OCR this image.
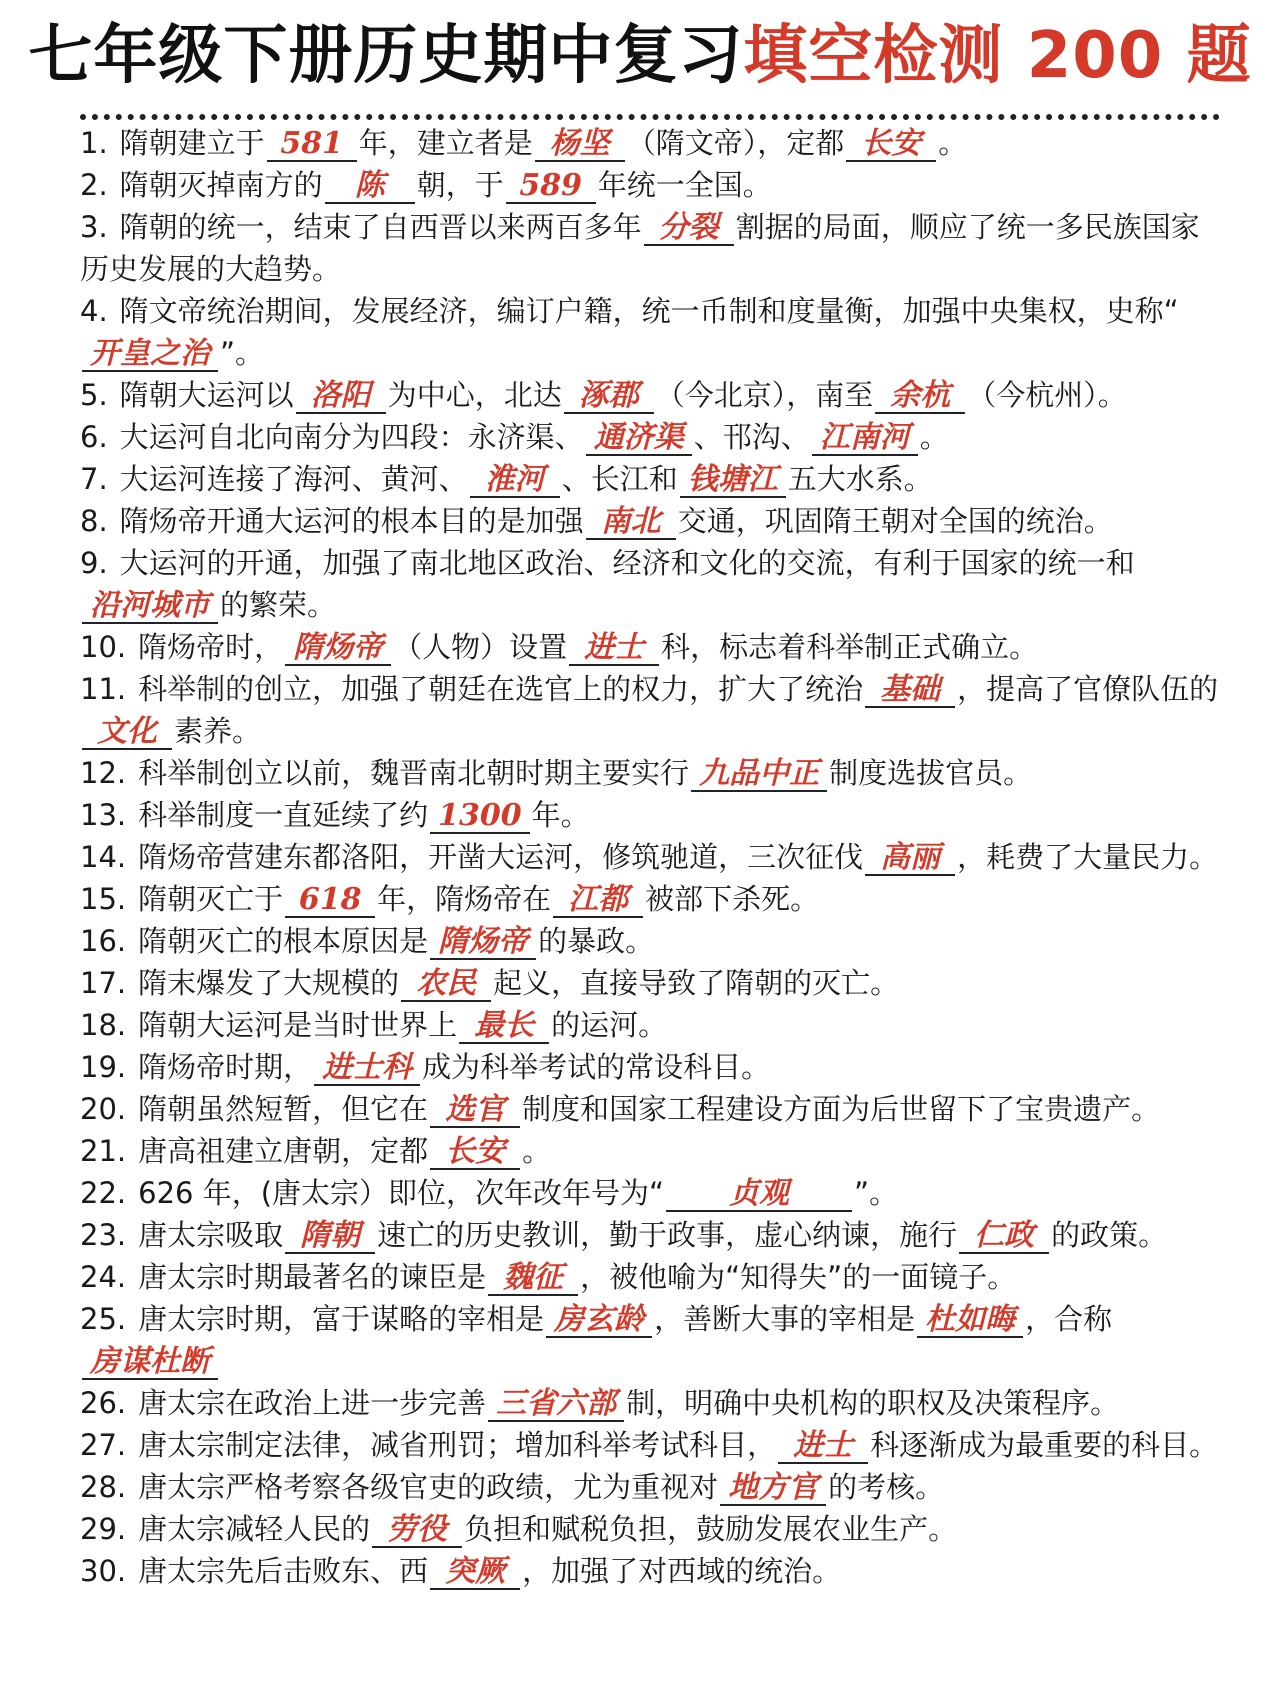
七年级下册历史期中复习填空检测 200 题
1. 隋朝建立于 581 年，建立者是 杨坚 （隋文帝），定都 长安 。
2. 隋朝灭掉南方的 陈 朝，于 589 年统一全国。
3. 隋朝的统一，结束了自西晋以来两百多年 分裂 割据的局面，顺应了统一多民族国家历史发展的大趋势。
4. 隋文帝统治期间，发展经济，编订户籍，统一币制和度量衡，加强中央集权，史称“开皇之治 ”。
5. 隋朝大运河以 洛阳 为中心，北达 涿郡 （今北京），南至 余杭 （今杭州）。
6. 大运河自北向南分为四段：永济渠、 通济渠 、邗沟、 江南河 。
7. 大运河连接了海河、黄河、 淮河 、长江和 钱塘江 五大水系。
8. 隋炀帝开通大运河的根本目的是加强 南北 交通，巩固隋王朝对全国的统治。
9. 大运河的开通，加强了南北地区政治、经济和文化的交流，有利于国家的统一和沿河城市 的繁荣。
10. 隋炀帝时， 隋炀帝 （人物）设置 进士 科，标志着科举制正式确立。
11. 科举制的创立，加强了朝廷在选官上的权力，扩大了统治 基础 ，提高了官僚队伍的文化 素养。
12. 科举制创立以前，魏晋南北朝时期主要实行 九品中正 制度选拔官员。
13. 科举制度一直延续了约 1300 年。
14. 隋炀帝营建东都洛阳，开凿大运河，修筑驰道，三次征伐 高丽 ，耗费了大量民力。
15. 隋朝灭亡于 618 年，隋炀帝在 江都 被部下杀死。
16. 隋朝灭亡的根本原因是 隋炀帝 的暴政。
17. 隋末爆发了大规模的 农民 起义，直接导致了隋朝的灭亡。
18. 隋朝大运河是当时世界上 最长 的运河。
19. 隋炀帝时期， 进士科 成为科举考试的常设科目。
20. 隋朝虽然短暂，但它在 选官 制度和国家工程建设方面为后世留下了宝贵遗产。
21. 唐高祖建立唐朝，定都 长安 。
22. 626 年，(唐太宗）即位，次年改年号为“ 贞观 ”。
23. 唐太宗吸取 隋朝 速亡的历史教训，勤于政事，虚心纳谏，施行 仁政 的政策。
24. 唐太宗时期最著名的谏臣是 魏征 ，被他喻为“知得失”的一面镜子。
25. 唐太宗时期，富于谋略的宰相是 房玄龄 ，善断大事的宰相是 杜如晦 ，合称房谋杜断
26. 唐太宗在政治上进一步完善 三省六部 制，明确中央机构的职权及决策程序。
27. 唐太宗制定法律，减省刑罚；增加科举考试科目， 进士 科逐渐成为最重要的科目。
28. 唐太宗严格考察各级官吏的政绩，尤为重视对 地方官 的考核。
29. 唐太宗减轻人民的 劳役 负担和赋税负担，鼓励发展农业生产。
30. 唐太宗先后击败东、西 突厥 ，加强了对西域的统治。
